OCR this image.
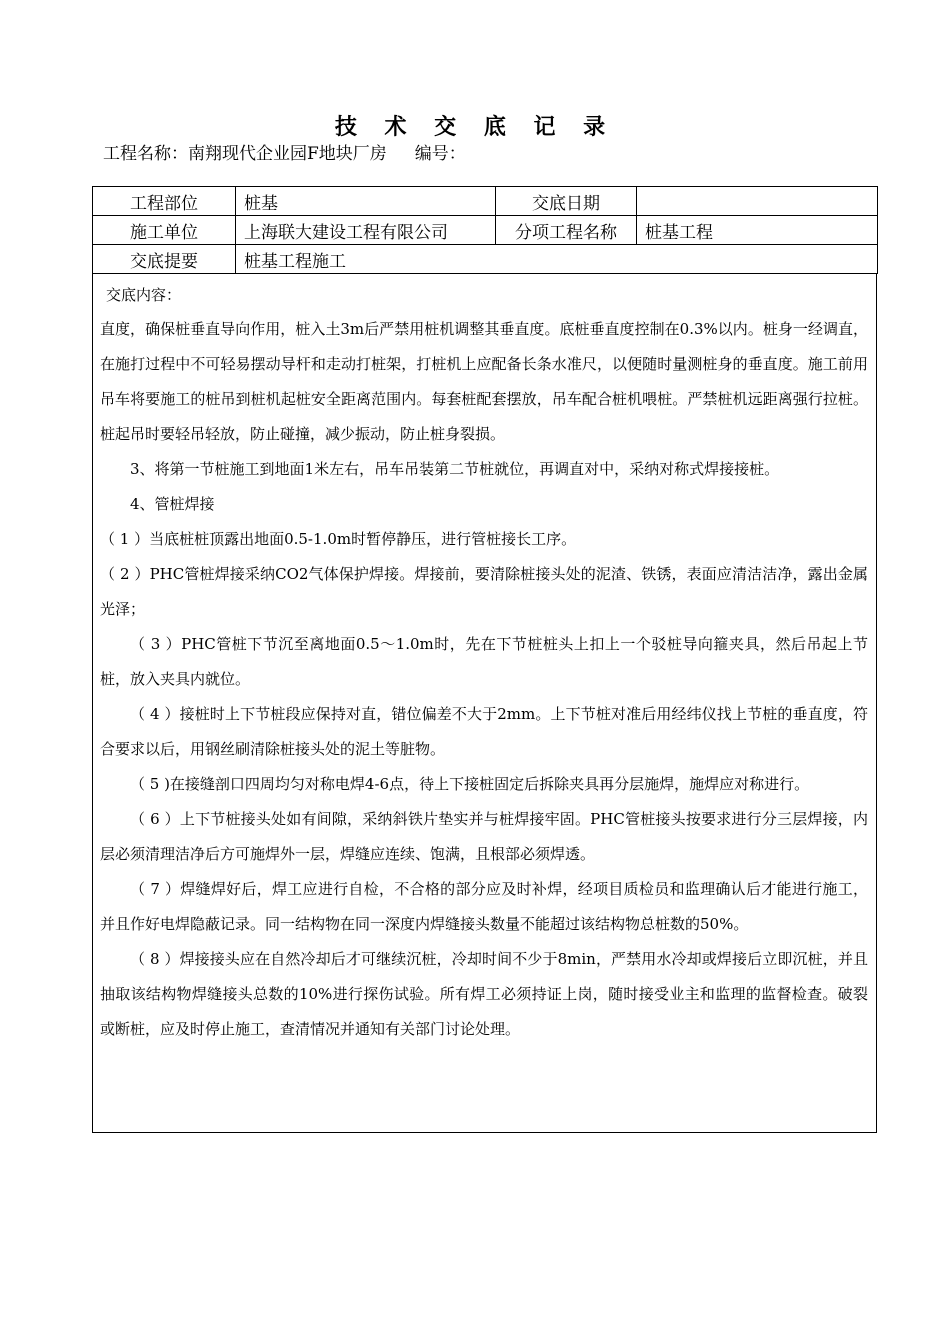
技 术 交 底 记 录
工程名称：南翔现代企业园F地块厂房 编号：
工程部位	桩基	交底日期	
施工单位	上海联大建设工程有限公司	分项工程名称	桩基工程
交底提要	桩基工程施工		

交底内容：

直度，确保桩垂直导向作用，桩入土3m后严禁用桩机调整其垂直度。底桩垂直度控制在0.3%以内。桩身一经调直，在施打过程中不可轻易摆动导杆和走动打桩架，打桩机上应配备长条水准尺，以便随时量测桩身的垂直度。施工前用吊车将要施工的桩吊到桩机起桩安全距离范围内。每套桩配套摆放，吊车配合桩机喂桩。严禁桩机远距离强行拉桩。桩起吊时要轻吊轻放，防止碰撞，减少振动，防止桩身裂损。

3、将第一节桩施工到地面1米左右，吊车吊装第二节桩就位，再调直对中，采纳对称式焊接接桩。

4、管桩焊接

（ 1 ）当底桩桩顶露出地面0.5-1.0m时暂停静压，进行管桩接长工序。

（ 2 ）PHC管桩焊接采纳CO2气体保护焊接。焊接前，要清除桩接头处的泥渣、铁锈，表面应清洁洁净，露出金属光泽；

（ 3 ）PHC管桩下节沉至离地面0.5～1.0m时，先在下节桩桩头上扣上一个驳桩导向箍夹具，然后吊起上节桩，放入夹具内就位。

（ 4 ）接桩时上下节桩段应保持对直，错位偏差不大于2mm。上下节桩对准后用经纬仪找上节桩的垂直度，符合要求以后，用钢丝刷清除桩接头处的泥土等脏物。

（ 5 )在接缝剖口四周均匀对称电焊4-6点，待上下接桩固定后拆除夹具再分层施焊，施焊应对称进行。

（ 6 ）上下节桩接头处如有间隙，采纳斜铁片垫实并与桩焊接牢固。PHC管桩接头按要求进行分三层焊接，内层必须清理洁净后方可施焊外一层，焊缝应连续、饱满，且根部必须焊透。

（ 7 ）焊缝焊好后，焊工应进行自检，不合格的部分应及时补焊，经项目质检员和监理确认后才能进行施工，并且作好电焊隐蔽记录。同一结构物在同一深度内焊缝接头数量不能超过该结构物总桩数的50%。

（ 8 ）焊接接头应在自然冷却后才可继续沉桩，冷却时间不少于8min，严禁用水冷却或焊接后立即沉桩，并且抽取该结构物焊缝接头总数的10%进行探伤试验。所有焊工必须持证上岗，随时接受业主和监理的监督检查。破裂或断桩，应及时停止施工，查清情况并通知有关部门讨论处理。
